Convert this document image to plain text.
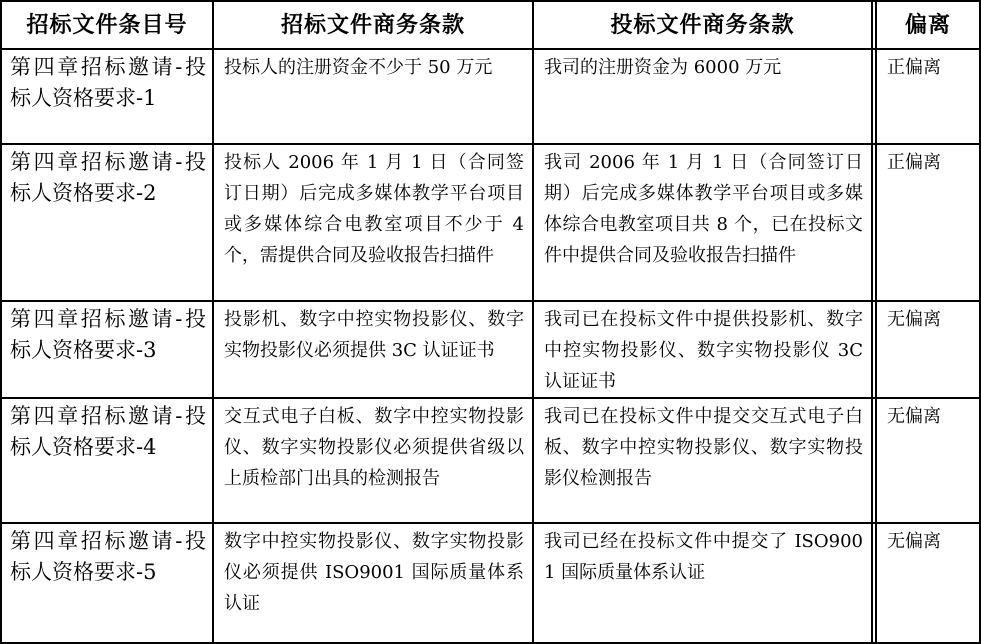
招标文件条目号	招标文件商务条款	投标文件商务条款		偏离

第四章招标邀请-投标人资格要求-1	投标人的注册资金不少于 50 万元	我司的注册资金为 6000 万元		正偏离

第四章招标邀请-投标人资格要求-2	投标人 2006 年 1 月 1 日（合同签订日期）后完成多媒体教学平台项目或多媒体综合电教室项目不少于 4 个，需提供合同及验收报告扫描件	我司 2006 年 1 月 1 日（合同签订日期）后完成多媒体教学平台项目或多媒体综合电教室项目共 8 个，已在投标文件中提供合同及验收报告扫描件		正偏离

第四章招标邀请-投标人资格要求-3	投影机、数字中控实物投影仪、数字实物投影仪必须提供 3C 认证证书	我司已在投标文件中提供投影机、数字中控实物投影仪、数字实物投影仪 3C 认证证书		无偏离

第四章招标邀请-投标人资格要求-4	交互式电子白板、数字中控实物投影仪、数字实物投影仪必须提供省级以上质检部门出具的检测报告	我司已在投标文件中提交交互式电子白板、数字中控实物投影仪、数字实物投影仪检测报告		无偏离

第四章招标邀请-投标人资格要求-5	数字中控实物投影仪、数字实物投影仪必须提供 ISO9001 国际质量体系认证	我司已经在投标文件中提交了 ISO9001 国际质量体系认证		无偏离
